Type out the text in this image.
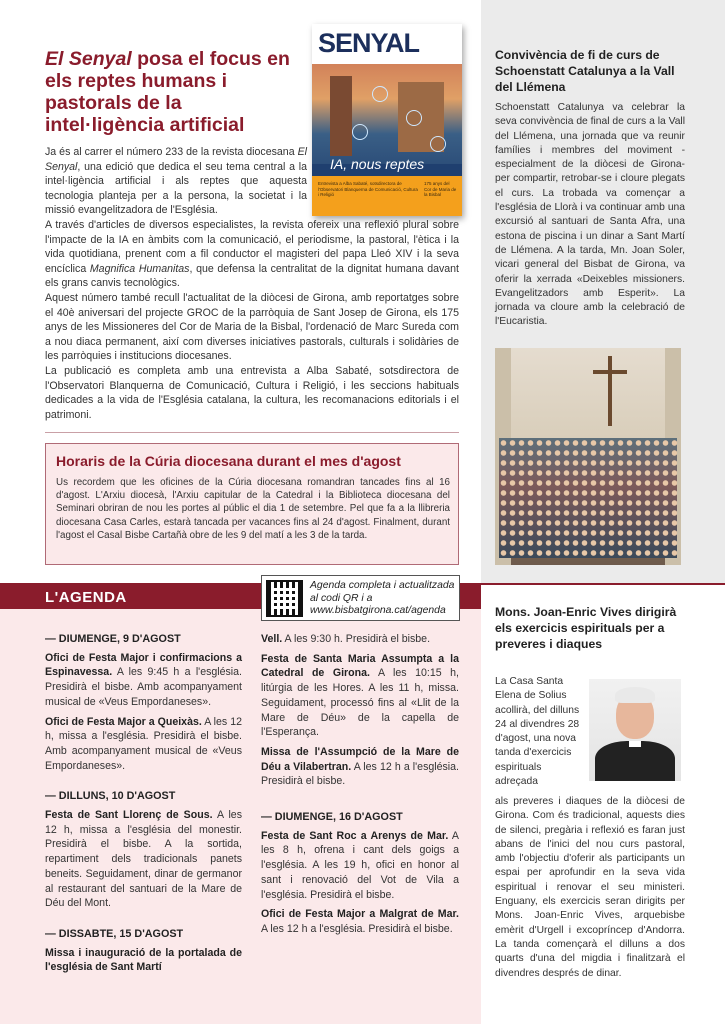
El Senyal posa el focus en els reptes humans i pastorals de la intel·ligència artificial
SENYAL
IA, nous reptes
Entrevista a Alba Sabaté, sotsdirectora de l'Observatori Blanquerna de Comunicació, Cultura i Religió
175 anys del Cor de Maria de la Bisbal

Ja és al carrer el número 233 de la revista diocesana El Senyal, una edició que dedica el seu tema central a la intel·ligència artificial i als reptes que aquesta tecnologia planteja per a la persona, la societat i la missió evangelitzadora de l'Església.

A través d'articles de diversos especialistes, la revista ofereix una reflexió plural sobre l'impacte de la IA en àmbits com la comunicació, el periodisme, la pastoral, l'ètica i la vida quotidiana, prenent com a fil conductor el magisteri del papa Lleó XIV i la seva encíclica Magnifica Humanitas, que defensa la centralitat de la dignitat humana davant els grans canvis tecnològics.

Aquest número també recull l'actualitat de la diòcesi de Girona, amb reportatges sobre el 40è aniversari del projecte GROC de la parròquia de Sant Josep de Girona, els 175 anys de les Missioneres del Cor de Maria de la Bisbal, l'ordenació de Marc Sureda com a nou diaca permanent, així com diverses iniciatives pastorals, culturals i solidàries de les parròquies i institucions diocesanes.

La publicació es completa amb una entrevista a Alba Sabaté, sotsdirectora de l'Observatori Blanquerna de Comunicació, Cultura i Religió, i les seccions habituals dedicades a la vida de l'Església catalana, la cultura, les recomanacions editorials i el patrimoni.

Horaris de la Cúria diocesana durant el mes d'agost

Us recordem que les oficines de la Cúria diocesana romandran tancades fins al 16 d'agost. L'Arxiu diocesà, l'Arxiu capitular de la Catedral i la Biblioteca diocesana del Seminari obriran de nou les portes al públic el dia 1 de setembre. Pel que fa a la llibreria diocesana Casa Carles, estarà tancada per vacances fins al 24 d'agost. Finalment, durant l'agost el Casal Bisbe Cartañà obre de les 9 del matí a les 3 de la tarda.

Convivència de fi de curs de Schoenstatt Catalunya a la Vall del Llémena
Schoenstatt Catalunya va celebrar la seva convivència de final de curs a la Vall del Llémena, una jornada que va reunir famílies i membres del moviment -especialment de la diòcesi de Girona- per compartir, retrobar-se i cloure plegats el curs. La trobada va començar a l'església de Llorà i va continuar amb una excursió al santuari de Santa Afra, una estona de piscina i un dinar a Sant Martí de Llémena. A la tarda, Mn. Joan Soler, vicari general del Bisbat de Girona, va oferir la xerrada «Deixebles missioners. Evangelitzadors amb Esperit». La jornada va cloure amb la celebració de l'Eucaristia.
Mons. Joan-Enric Vives dirigirà els exercicis espirituals per a preveres i diaques
La Casa Santa Elena de Solius acollirà, del dilluns 24 al divendres 28 d'agost, una nova tanda d'exercicis espirituals adreçada
als preveres i diaques de la diòcesi de Girona. Com és tradicional, aquests dies de silenci, pregària i reflexió es faran just abans de l'inici del nou curs pastoral, amb l'objectiu d'oferir als participants un espai per aprofundir en la seva vida espiritual i renovar el seu ministeri. Enguany, els exercicis seran dirigits per Mons. Joan-Enric Vives, arquebisbe emèrit d'Urgell i excopríncep d'Andorra. La tanda començarà el dilluns a dos quarts d'una del migdia i finalitzarà el divendres després de dinar.
L'AGENDA
Agenda completa i actualitzada al codi QR i a www.bisbatgirona.cat/agenda
— DIUMENGE, 9 D'AGOST
Ofici de Festa Major i confirmacions a Espinavessa. A les 9:45 h a l'església. Presidirà el bisbe. Amb acompanyament musical de «Veus Empordaneses».
Ofici de Festa Major a Queixàs. A les 12 h, missa a l'església. Presidirà el bisbe. Amb acompanyament musical de «Veus Empordaneses».
— DILLUNS, 10 D'AGOST
Festa de Sant Llorenç de Sous. A les 12 h, missa a l'església del monestir. Presidirà el bisbe. A la sortida, repartiment dels tradicionals panets beneits. Seguidament, dinar de germanor al restaurant del santuari de la Mare de Déu del Mont.
— DISSABTE, 15 D'AGOST
Missa i inauguració de la portalada de l'església de Sant Martí
Vell. A les 9:30 h. Presidirà el bisbe.
Festa de Santa Maria Assumpta a la Catedral de Girona. A les 10:15 h, litúrgia de les Hores. A les 11 h, missa. Seguidament, processó fins al «Llit de la Mare de Déu» de la capella de l'Esperança.
Missa de l'Assumpció de la Mare de Déu a Vilabertran. A les 12 h a l'església. Presidirà el bisbe.
— DIUMENGE, 16 D'AGOST
Festa de Sant Roc a Arenys de Mar. A les 8 h, ofrena i cant dels goigs a l'església. A les 19 h, ofici en honor al sant i renovació del Vot de Vila a l'església. Presidirà el bisbe.
Ofici de Festa Major a Malgrat de Mar. A les 12 h a l'església. Presidirà el bisbe.
